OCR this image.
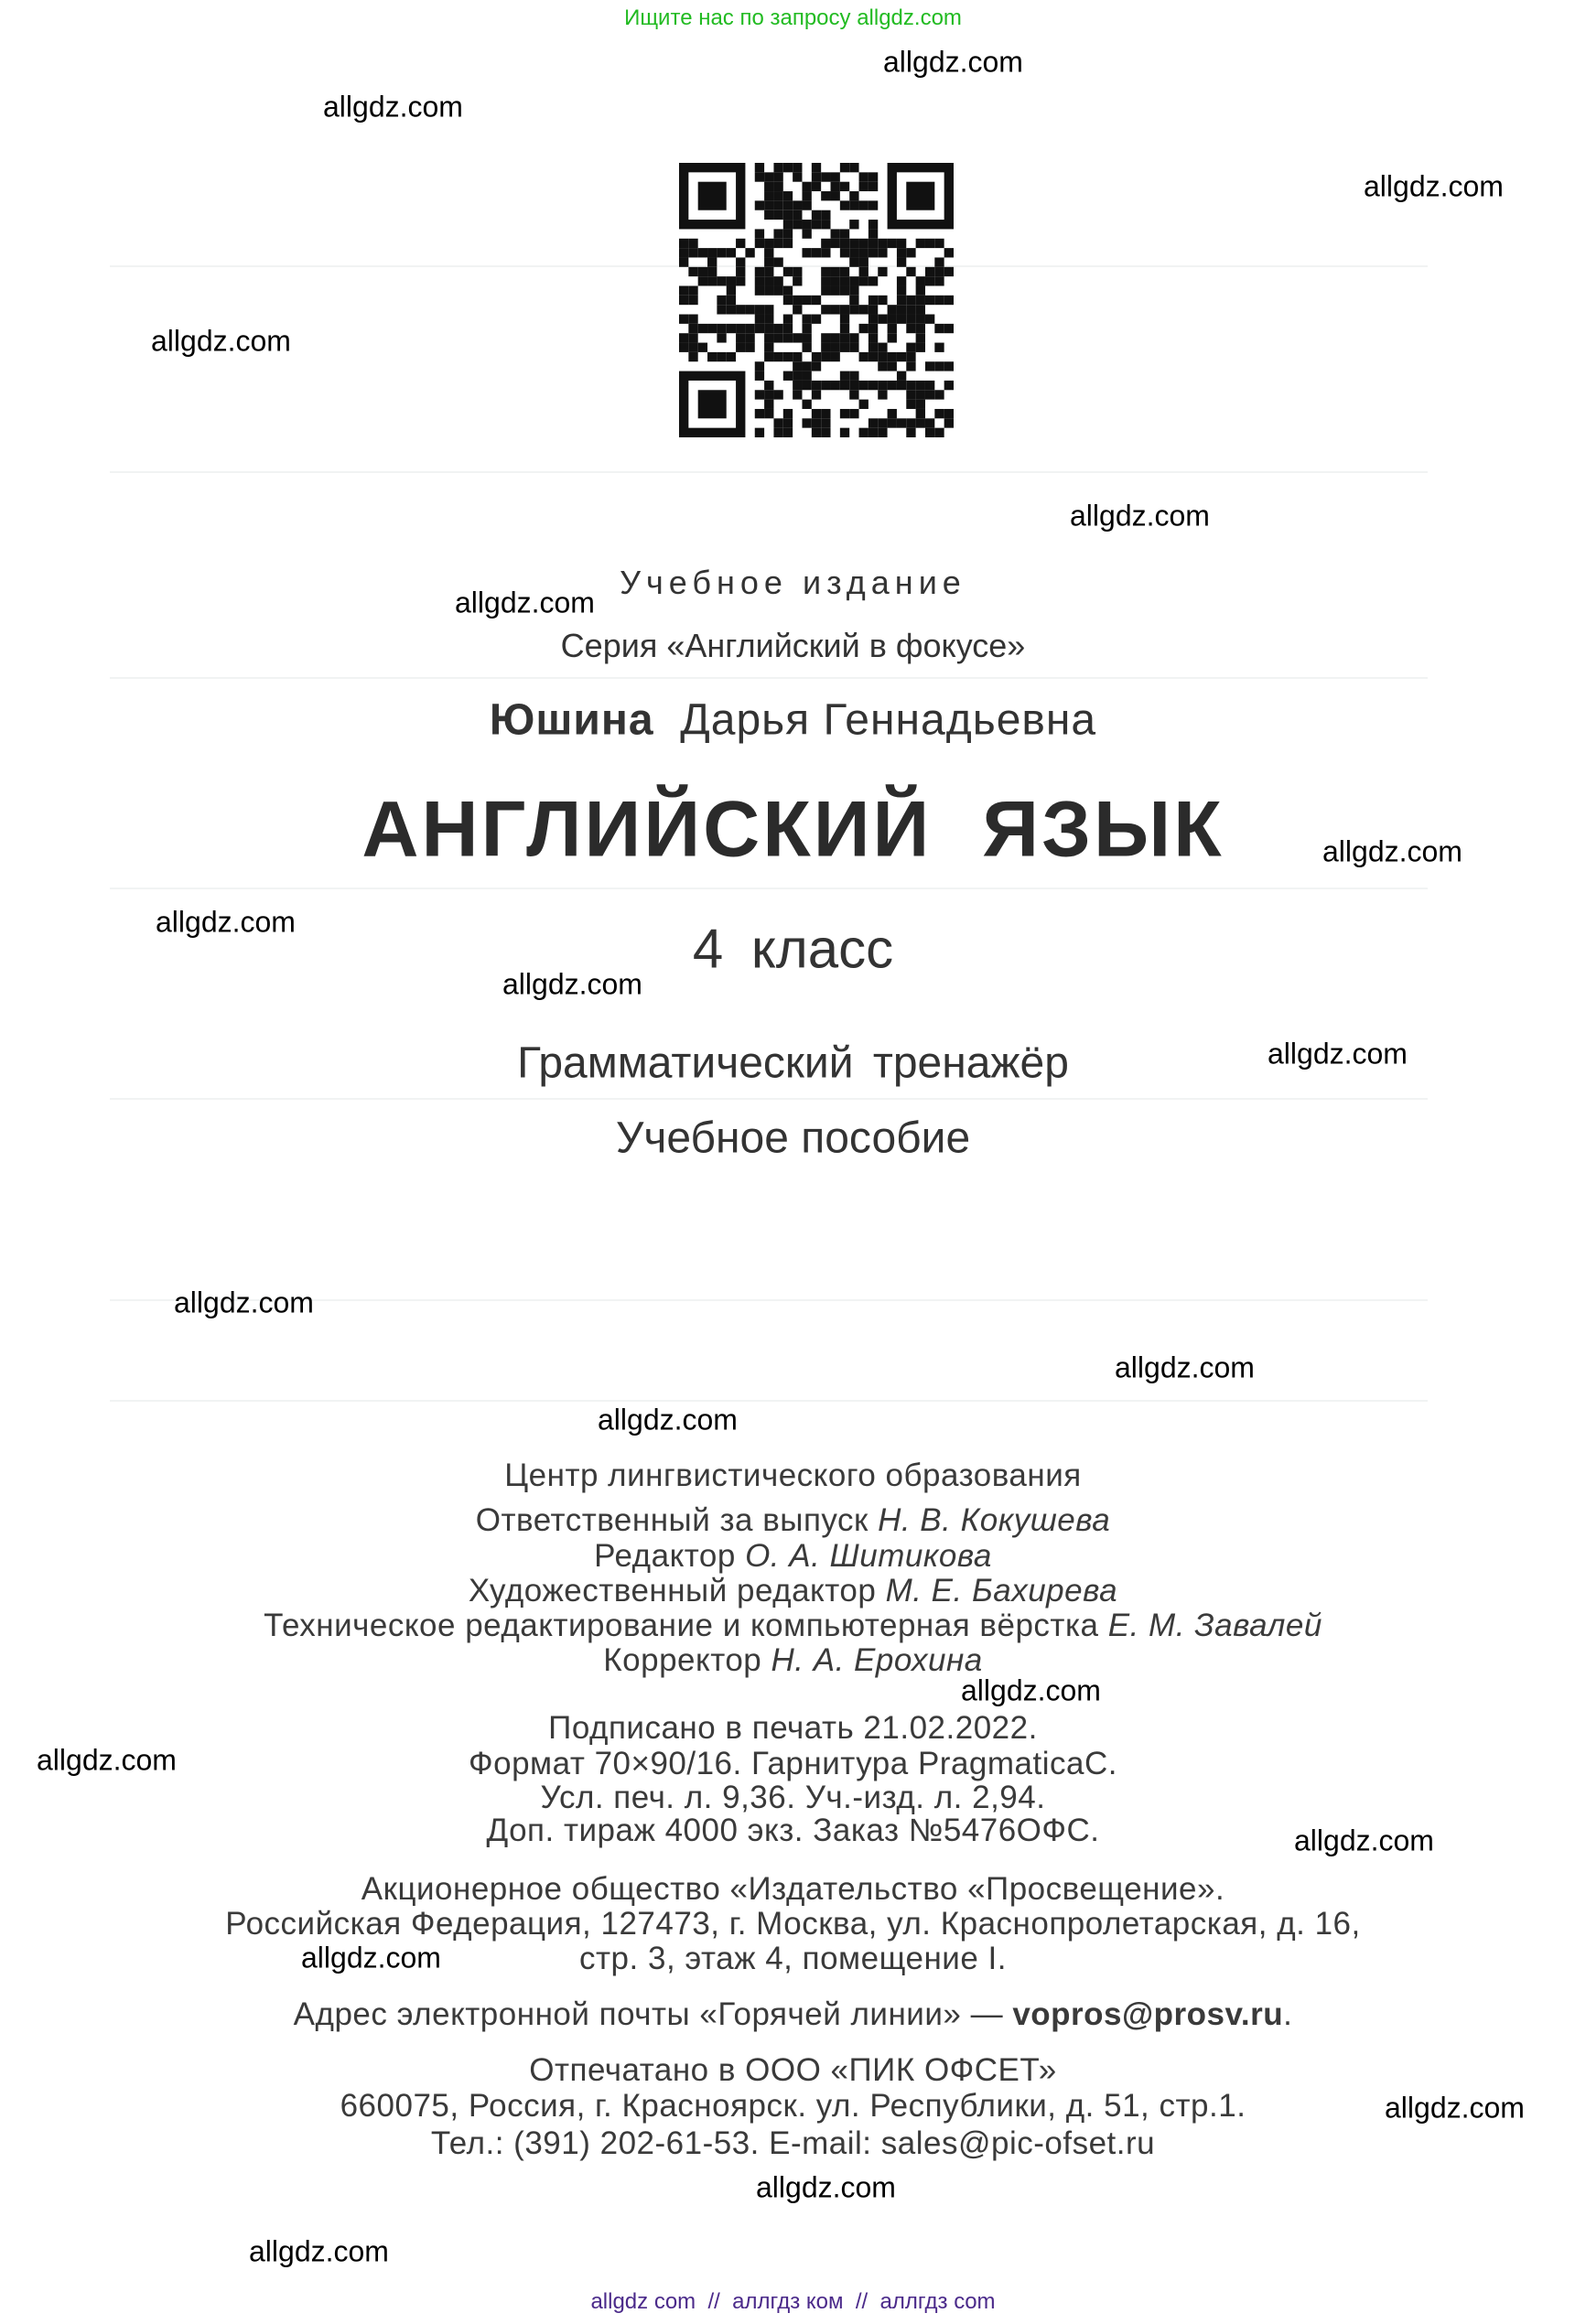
Ищите нас по запросу allgdz.com
Учебное издание
Серия «Английский в фокусе»
Юшина Дарья Геннадьевна
АНГЛИЙСКИЙ ЯЗЫК
4 класс
Грамматический тренажёр
Учебное пособие
Центр лингвистического образования
Ответственный за выпуск Н. В. Кокушева
Редактор О. А. Шитикова
Художественный редактор М. Е. Бахирева
Техническое редактирование и компьютерная вёрстка Е. М. Завалей
Корректор Н. А. Ерохина
Подписано в печать 21.02.2022.
Формат 70×90/16. Гарнитура PragmaticaC.
Усл. печ. л. 9,36. Уч.-изд. л. 2,94.
Доп. тираж 4000 экз. Заказ №5476ОФС.
Акционерное общество «Издательство «Просвещение».
Российская Федерация, 127473, г. Москва, ул. Краснопролетарская, д. 16,
стр. 3, этаж 4, помещение I.
Адрес электронной почты «Горячей линии» — vopros@prosv.ru.
Отпечатано в ООО «ПИК ОФСЕТ»
660075, Россия, г. Красноярск. ул. Республики, д. 51, стр.1.
Тел.: (391) 202-61-53. E-mail: sales@pic-ofset.ru
allgdz com  //  аллгдз ком  //  аллгдз com
allgdz.com
allgdz.com
allgdz.com
allgdz.com
allgdz.com
allgdz.com
allgdz.com
allgdz.com
allgdz.com
allgdz.com
allgdz.com
allgdz.com
allgdz.com
allgdz.com
allgdz.com
allgdz.com
allgdz.com
allgdz.com
allgdz.com
allgdz.com
